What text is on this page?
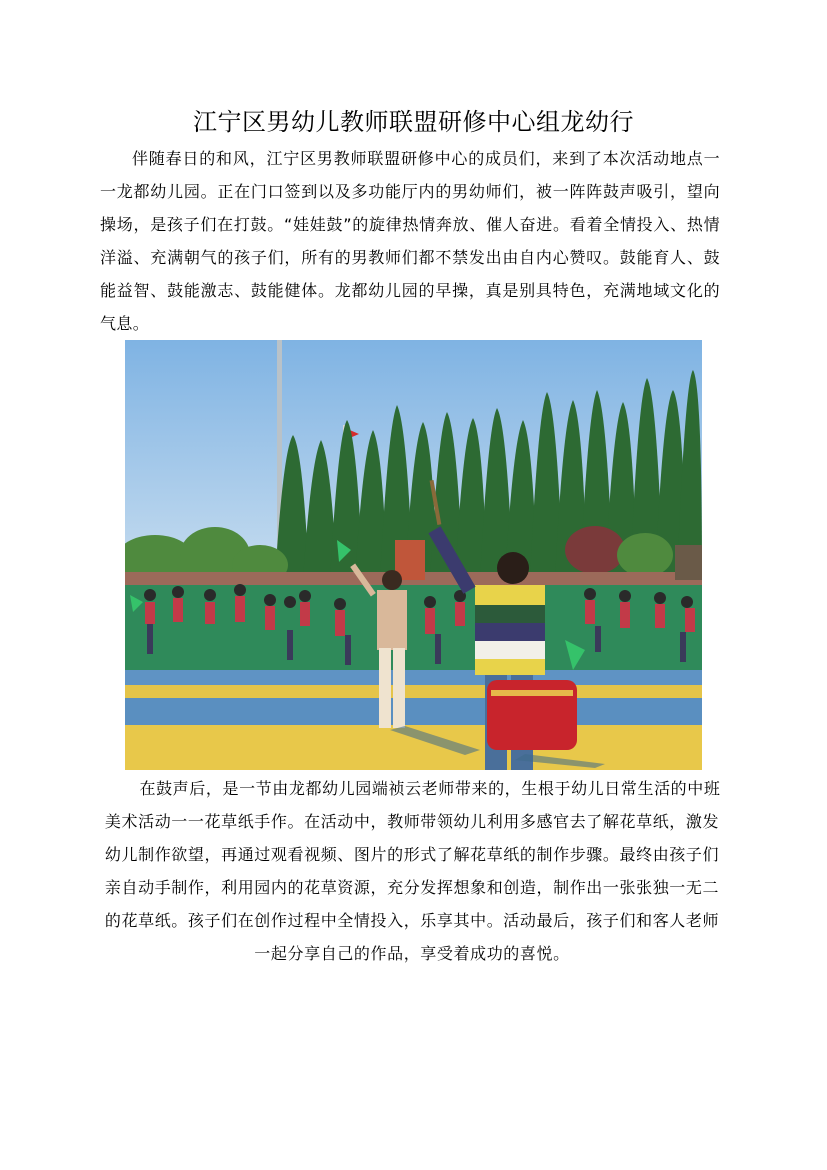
江宁区男幼儿教师联盟研修中心组龙幼行
伴随春日的和风，江宁区男教师联盟研修中心的成员们，来到了本次活动地点一一龙都幼儿园。正在门口签到以及多功能厅内的男幼师们，被一阵阵鼓声吸引，望向操场，是孩子们在打鼓。“娃娃鼓”的旋律热情奔放、催人奋进。看着全情投入、热情洋溢、充满朝气的孩子们，所有的男教师们都不禁发出由自内心赞叹。鼓能育人、鼓能益智、鼓能激志、鼓能健体。龙都幼儿园的早操，真是别具特色，充满地域文化的气息。
在鼓声后，是一节由龙都幼儿园端祯云老师带来的，生根于幼儿日常生活的中班美术活动一一花草纸手作。在活动中，教师带领幼儿利用多感官去了解花草纸，激发幼儿制作欲望，再通过观看视频、图片的形式了解花草纸的制作步骤。最终由孩子们亲自动手制作，利用园内的花草资源，充分发挥想象和创造，制作出一张张独一无二的花草纸。孩子们在创作过程中全情投入，乐享其中。活动最后，孩子们和客人老师一起分享自己的作品，享受着成功的喜悦。
